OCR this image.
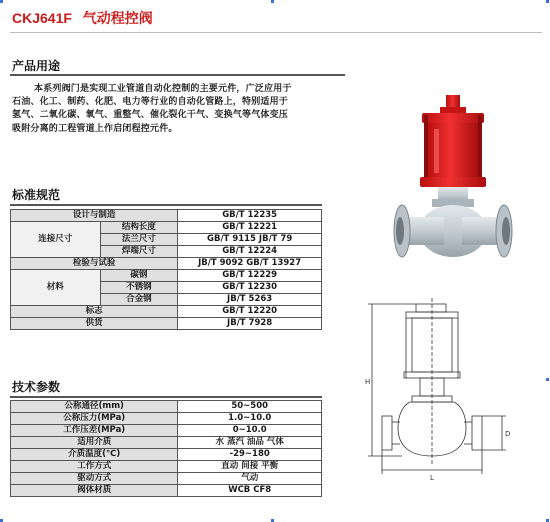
CKJ641F 气动程控阀
产品用途

本系列阀门是实现工业管道自动化控制的主要元件，广泛应用于

石油、化工、制药、化肥、电力等行业的自动化管路上，特别适用于
氢气、二氧化碳、氧气、重整气、催化裂化干气、变换气等气体变压
吸附分离的工程管道上作启闭程控元件。
标准规范
设计与制造		GB/T 12235
连接尺寸	结构长度	GB/T 12221
	法兰尺寸	GB/T 9115 JB/T 79
	焊端尺寸	GB/T 12224
检验与试验		JB/T 9092 GB/T 13927
材料	碳钢	GB/T 12229
	不锈钢	GB/T 12230
	合金钢	JB/T 5263
标志		GB/T 12220
供货		JB/T 7928
技术参数
公称通径(mm)	50~500
公称压力(MPa)	1.0~10.0
工作压差(MPa)	0~10.0
适用介质	水 蒸汽 油品 气体
介质温度(℃)	-29~180
工作方式	直动 间接 平衡
驱动方式	气动
阀体材质	WCB CF8
H
L
D
